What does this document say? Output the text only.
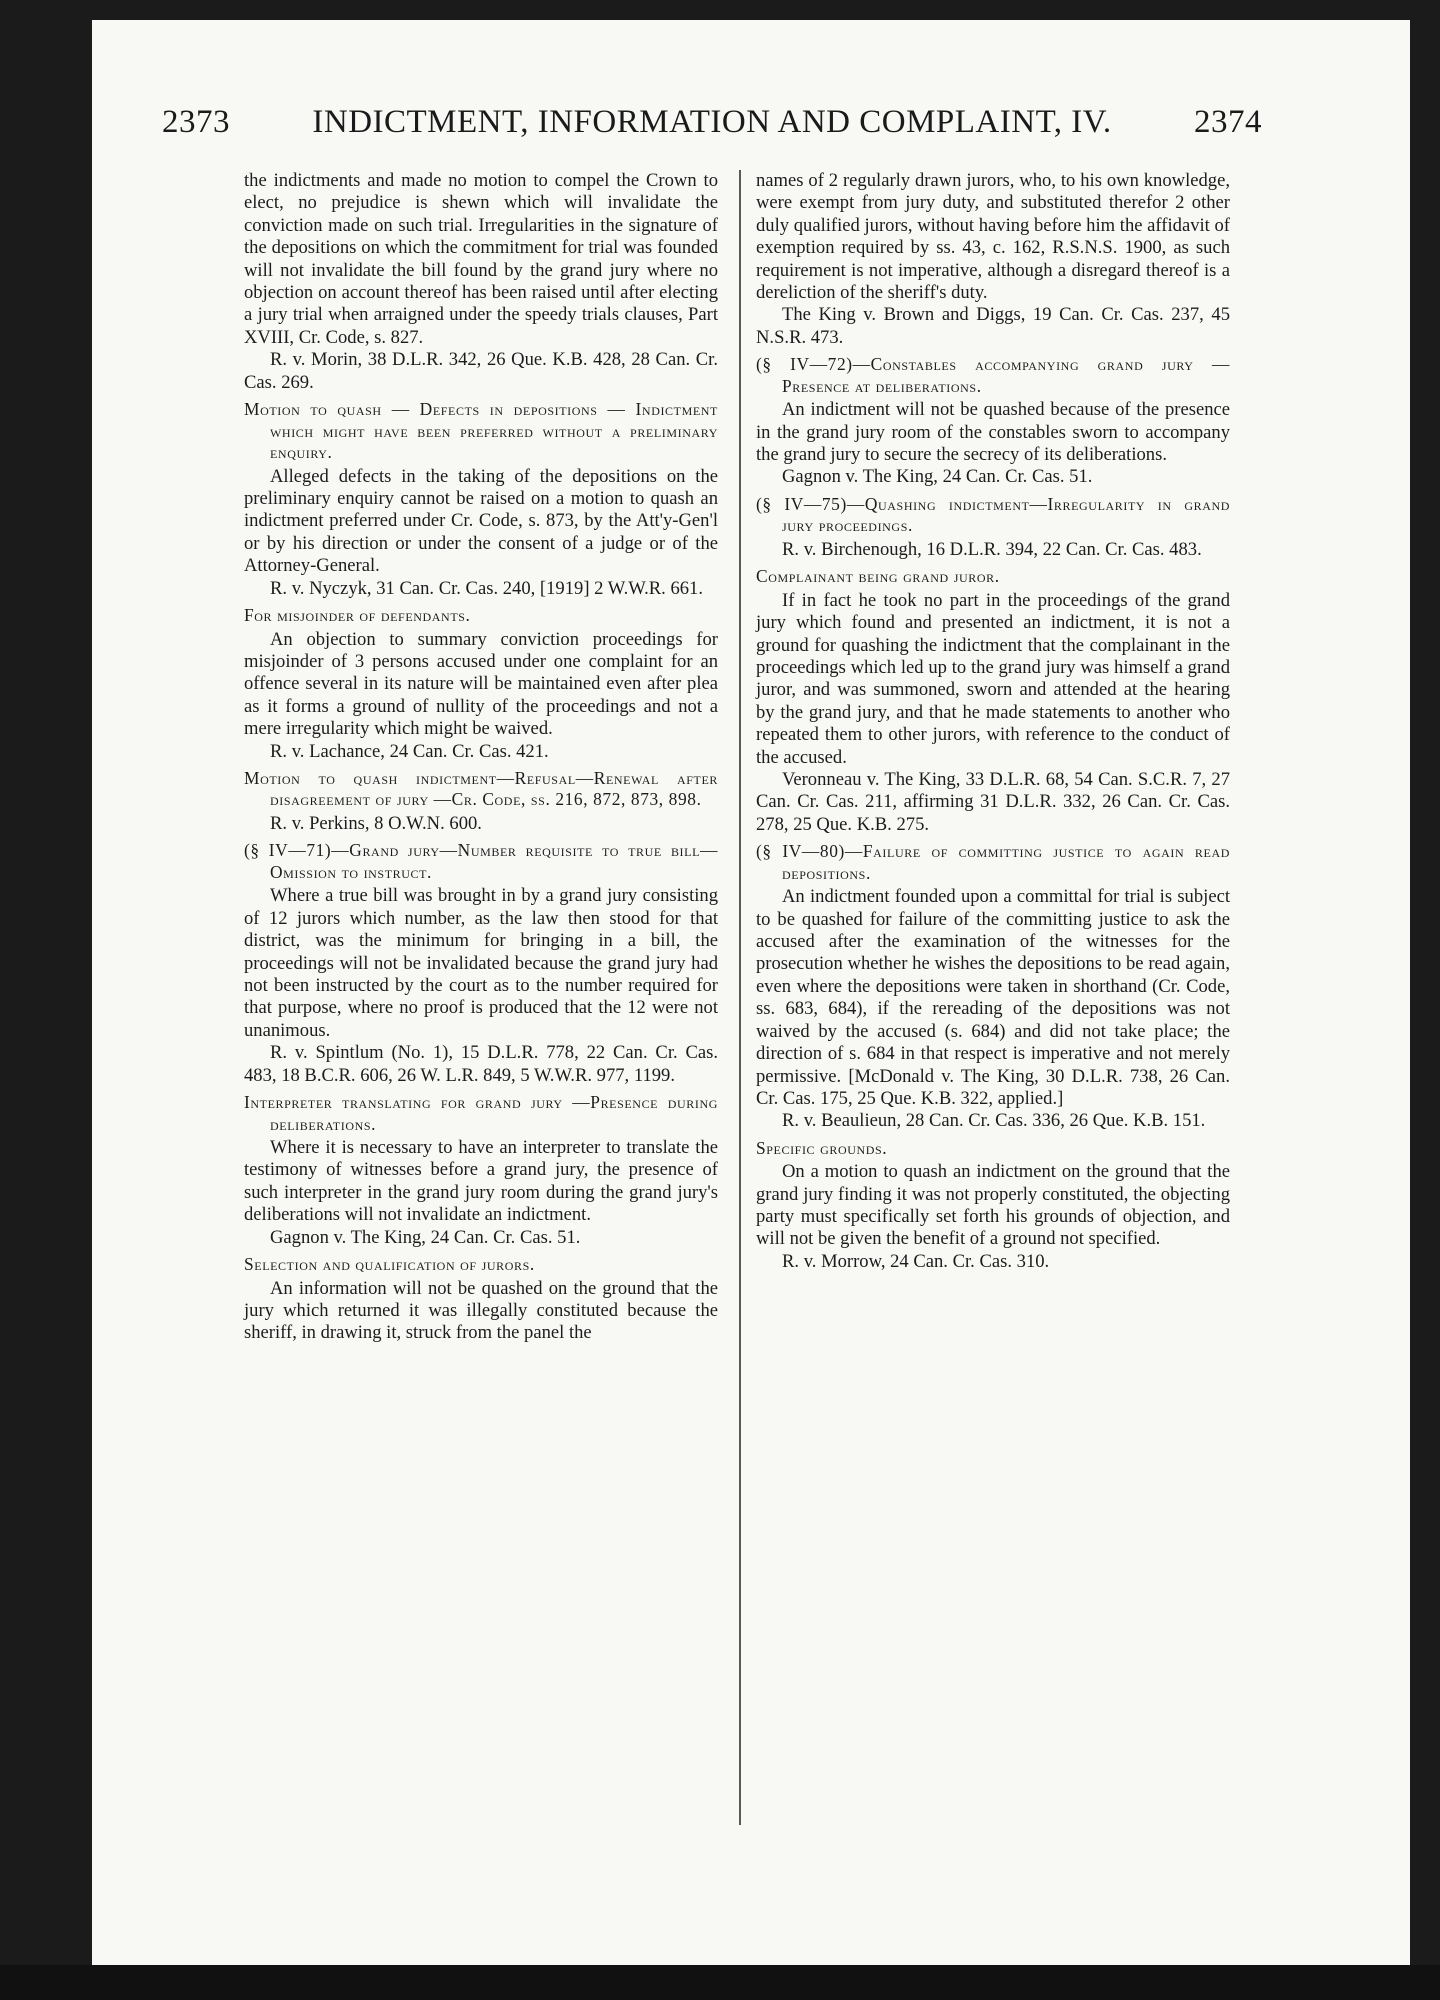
2373 INDICTMENT, INFORMATION AND COMPLAINT, IV. 2374

the indictments and made no motion to compel the Crown to elect, no prejudice is shewn which will invalidate the conviction made on such trial. Irregularities in the signature of the depositions on which the commitment for trial was founded will not invalidate the bill found by the grand jury where no objection on account thereof has been raised until after electing a jury trial when arraigned under the speedy trials clauses, Part XVIII, Cr. Code, s. 827.

R. v. Morin, 38 D.L.R. 342, 26 Que. K.B. 428, 28 Can. Cr. Cas. 269.

Motion to quash — Defects in depositions — Indictment which might have been preferred without a preliminary enquiry.

Alleged defects in the taking of the depositions on the preliminary enquiry cannot be raised on a motion to quash an indictment preferred under Cr. Code, s. 873, by the Att'y-Gen'l or by his direction or under the consent of a judge or of the Attorney-General.

R. v. Nyczyk, 31 Can. Cr. Cas. 240, [1919] 2 W.W.R. 661.

For misjoinder of defendants.

An objection to summary conviction proceedings for misjoinder of 3 persons accused under one complaint for an offence several in its nature will be maintained even after plea as it forms a ground of nullity of the proceedings and not a mere irregularity which might be waived.

R. v. Lachance, 24 Can. Cr. Cas. 421.

Motion to quash indictment—Refusal—Renewal after disagreement of jury —Cr. Code, ss. 216, 872, 873, 898.

R. v. Perkins, 8 O.W.N. 600.

(§ IV—71)—Grand jury—Number requisite to true bill—Omission to instruct.

Where a true bill was brought in by a grand jury consisting of 12 jurors which number, as the law then stood for that district, was the minimum for bringing in a bill, the proceedings will not be invalidated because the grand jury had not been instructed by the court as to the number required for that purpose, where no proof is produced that the 12 were not unanimous.

R. v. Spintlum (No. 1), 15 D.L.R. 778, 22 Can. Cr. Cas. 483, 18 B.C.R. 606, 26 W. L.R. 849, 5 W.W.R. 977, 1199.

Interpreter translating for grand jury —Presence during deliberations.

Where it is necessary to have an interpreter to translate the testimony of witnesses before a grand jury, the presence of such interpreter in the grand jury room during the grand jury's deliberations will not invalidate an indictment.

Gagnon v. The King, 24 Can. Cr. Cas. 51.

Selection and qualification of jurors.

An information will not be quashed on the ground that the jury which returned it was illegally constituted because the sheriff, in drawing it, struck from the panel the

names of 2 regularly drawn jurors, who, to his own knowledge, were exempt from jury duty, and substituted therefor 2 other duly qualified jurors, without having before him the affidavit of exemption required by ss. 43, c. 162, R.S.N.S. 1900, as such requirement is not imperative, although a disregard thereof is a dereliction of the sheriff's duty.

The King v. Brown and Diggs, 19 Can. Cr. Cas. 237, 45 N.S.R. 473.

(§ IV—72)—Constables accompanying grand jury — Presence at deliberations.

An indictment will not be quashed because of the presence in the grand jury room of the constables sworn to accompany the grand jury to secure the secrecy of its deliberations.

Gagnon v. The King, 24 Can. Cr. Cas. 51.

(§ IV—75)—Quashing indictment—Irregularity in grand jury proceedings.

R. v. Birchenough, 16 D.L.R. 394, 22 Can. Cr. Cas. 483.

Complainant being grand juror.

If in fact he took no part in the proceedings of the grand jury which found and presented an indictment, it is not a ground for quashing the indictment that the complainant in the proceedings which led up to the grand jury was himself a grand juror, and was summoned, sworn and attended at the hearing by the grand jury, and that he made statements to another who repeated them to other jurors, with reference to the conduct of the accused.

Veronneau v. The King, 33 D.L.R. 68, 54 Can. S.C.R. 7, 27 Can. Cr. Cas. 211, affirming 31 D.L.R. 332, 26 Can. Cr. Cas. 278, 25 Que. K.B. 275.

(§ IV—80)—Failure of committing justice to again read depositions.

An indictment founded upon a committal for trial is subject to be quashed for failure of the committing justice to ask the accused after the examination of the witnesses for the prosecution whether he wishes the depositions to be read again, even where the depositions were taken in shorthand (Cr. Code, ss. 683, 684), if the rereading of the depositions was not waived by the accused (s. 684) and did not take place; the direction of s. 684 in that respect is imperative and not merely permissive. [McDonald v. The King, 30 D.L.R. 738, 26 Can. Cr. Cas. 175, 25 Que. K.B. 322, applied.]

R. v. Beaulieun, 28 Can. Cr. Cas. 336, 26 Que. K.B. 151.

Specific grounds.

On a motion to quash an indictment on the ground that the grand jury finding it was not properly constituted, the objecting party must specifically set forth his grounds of objection, and will not be given the benefit of a ground not specified.

R. v. Morrow, 24 Can. Cr. Cas. 310.
